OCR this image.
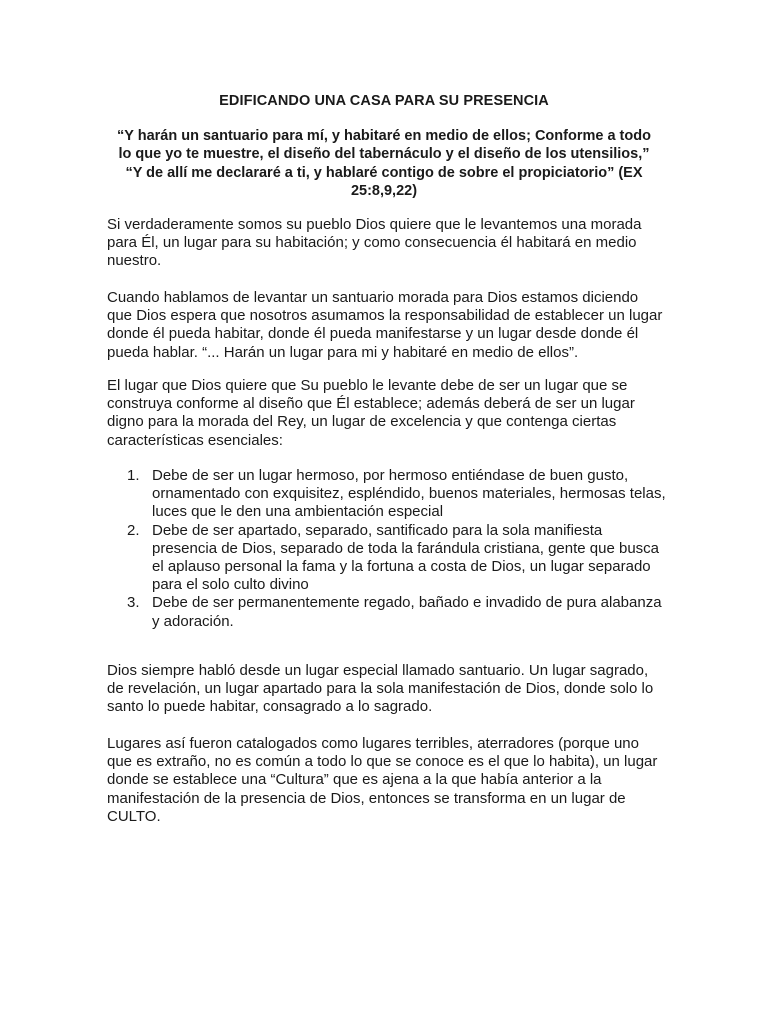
EDIFICANDO UNA CASA PARA SU PRESENCIA
“Y harán un santuario para mí, y habitaré en medio de ellos; Conforme a todo lo que yo te muestre, el diseño del tabernáculo y el diseño de los utensilios,” “Y de allí me declararé a ti, y hablaré contigo de sobre el propiciatorio” (EX 25:8,9,22)

Si verdaderamente somos su pueblo Dios quiere que le levantemos una morada para Él, un lugar para su habitación; y como consecuencia él habitará en medio nuestro.

Cuando hablamos de levantar un santuario morada para Dios estamos diciendo que Dios espera que nosotros asumamos la responsabilidad de establecer un lugar donde él pueda habitar, donde él pueda manifestarse y un lugar desde donde él pueda hablar. “... Harán un lugar para mi y habitaré en medio de ellos”.

El lugar que Dios quiere que Su pueblo le levante debe de ser un lugar que se construya conforme al diseño que Él establece; además deberá de ser un lugar digno para la morada del Rey, un lugar de excelencia y que contenga ciertas características esenciales:

1. Debe de ser un lugar hermoso, por hermoso entiéndase de buen gusto, ornamentado con exquisitez, espléndido, buenos materiales, hermosas telas, luces que le den una ambientación especial
2. Debe de ser apartado, separado, santificado para la sola manifiesta presencia de Dios, separado de toda la farándula cristiana, gente que busca el aplauso personal la fama y la fortuna a costa de Dios, un lugar separado para el solo culto divino
3. Debe de ser permanentemente regado, bañado e invadido de pura alabanza y adoración.

Dios siempre habló desde un lugar especial llamado santuario. Un lugar sagrado, de revelación, un lugar apartado para la sola manifestación de Dios, donde solo lo santo lo puede habitar, consagrado a lo sagrado.

Lugares así fueron catalogados como lugares terribles, aterradores (porque uno que es extraño, no es común a todo lo que se conoce es el que lo habita), un lugar donde se establece una “Cultura” que es ajena a la que había anterior a la manifestación de la presencia de Dios, entonces se transforma en un lugar de CULTO.
